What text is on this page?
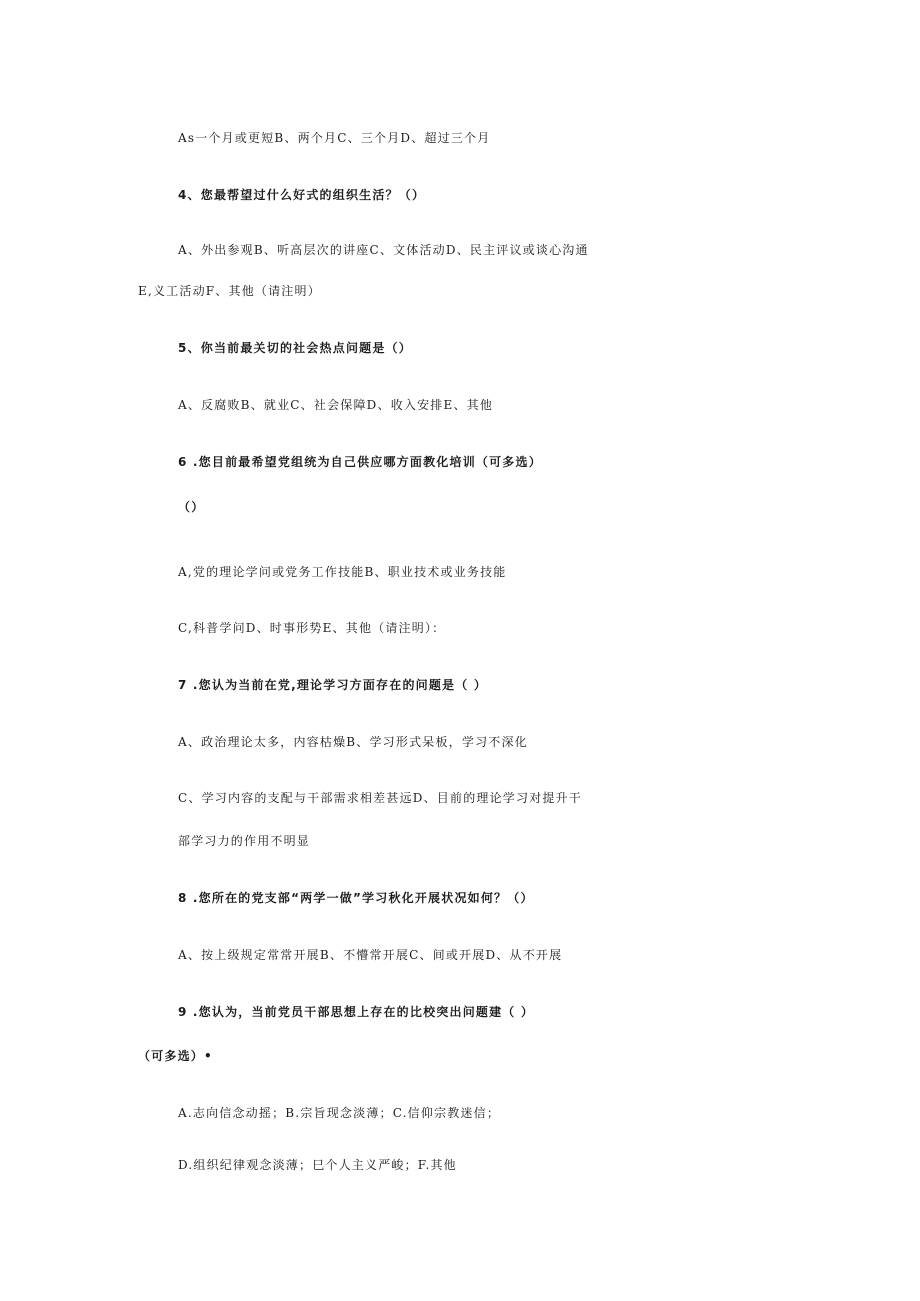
As一个月或更短B、两个月C、三个月D、超过三个月
4、您最帮望过什么好式的组织生活？（）
A、外出参观B、听高层次的讲座C、文体活动D、民主评议或谈心沟通
E,义工活动F、其他（请注明）
5、你当前最关切的社会热点问题是（）
A、反腐败B、就业C、社会保障D、收入安排E、其他
6 .您目前最希望党组统为自己供应哪方面教化培训（可多选）
（）
A,党的理论学问或党务工作技能B、职业技术或业务技能
C,科普学问D、时事形势E、其他（请注明）：
7 .您认为当前在党,理论学习方面存在的问题是（ ）
A、政治理论太多，内容枯燥B、学习形式呆板，学习不深化
C、学习内容的支配与干部需求相差甚远D、目前的理论学习对提升干
部学习力的作用不明显
8 .您所在的党支部“两学一做”学习秋化开展状况如何？（）
A、按上级规定常常开展B、不懵常开展C、间或开展D、从不开展
9 .您认为，当前党员干部思想上存在的比校突出问题建（ ）
（可多选）•
A.志向信念动摇；B.宗旨现念淡薄；C.信仰宗教迷信；
D.组织纪律观念淡薄；巳个人主义严峻；F.其他
